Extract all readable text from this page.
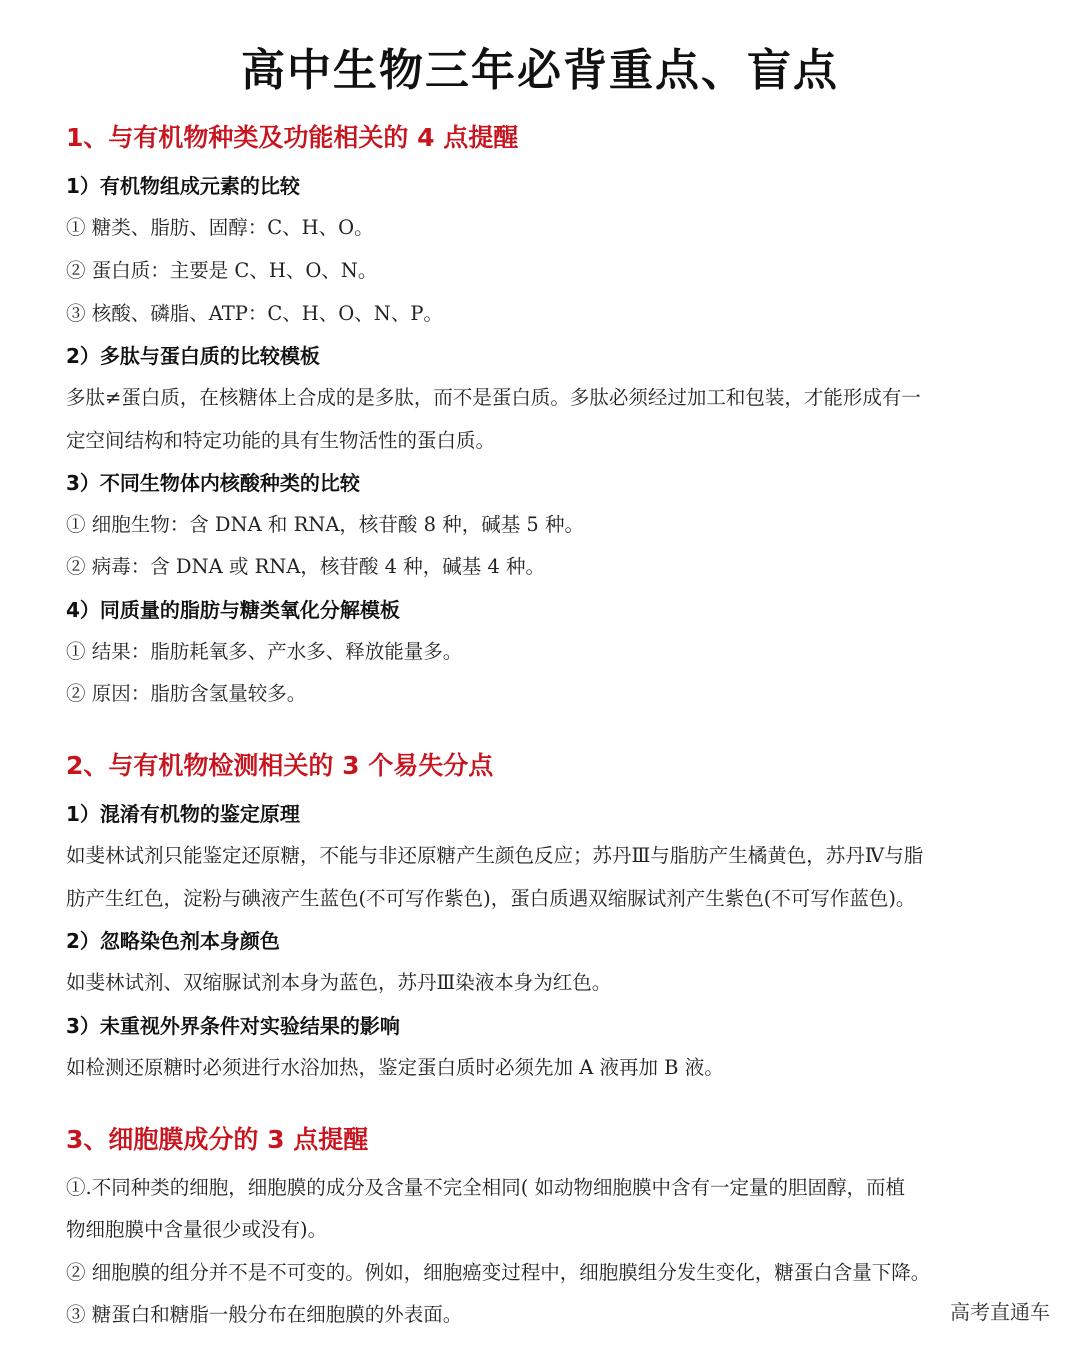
高中生物三年必背重点、盲点
1、与有机物种类及功能相关的 4 点提醒
1）有机物组成元素的比较
① 糖类、脂肪、固醇：C、H、O。
② 蛋白质：主要是 C、H、O、N。
③ 核酸、磷脂、ATP：C、H、O、N、P。
2）多肽与蛋白质的比较模板
多肽≠蛋白质，在核糖体上合成的是多肽，而不是蛋白质。多肽必须经过加工和包装，才能形成有一
定空间结构和特定功能的具有生物活性的蛋白质。
3）不同生物体内核酸种类的比较
① 细胞生物：含 DNA 和 RNA，核苷酸 8 种，碱基 5 种。
② 病毒：含 DNA 或 RNA，核苷酸 4 种，碱基 4 种。
4）同质量的脂肪与糖类氧化分解模板
① 结果：脂肪耗氧多、产水多、释放能量多。
② 原因：脂肪含氢量较多。
2、与有机物检测相关的 3 个易失分点
1）混淆有机物的鉴定原理
如斐林试剂只能鉴定还原糖，不能与非还原糖产生颜色反应；苏丹Ⅲ与脂肪产生橘黄色，苏丹Ⅳ与脂
肪产生红色，淀粉与碘液产生蓝色(不可写作紫色)，蛋白质遇双缩脲试剂产生紫色(不可写作蓝色)。
2）忽略染色剂本身颜色
如斐林试剂、双缩脲试剂本身为蓝色，苏丹Ⅲ染液本身为红色。
3）未重视外界条件对实验结果的影响
如检测还原糖时必须进行水浴加热，鉴定蛋白质时必须先加 A 液再加 B 液。
3、细胞膜成分的 3 点提醒
①.不同种类的细胞，细胞膜的成分及含量不完全相同( 如动物细胞膜中含有一定量的胆固醇，而植
物细胞膜中含量很少或没有)。
② 细胞膜的组分并不是不可变的。例如，细胞癌变过程中，细胞膜组分发生变化，糖蛋白含量下降。
③ 糖蛋白和糖脂一般分布在细胞膜的外表面。	高考直通车
